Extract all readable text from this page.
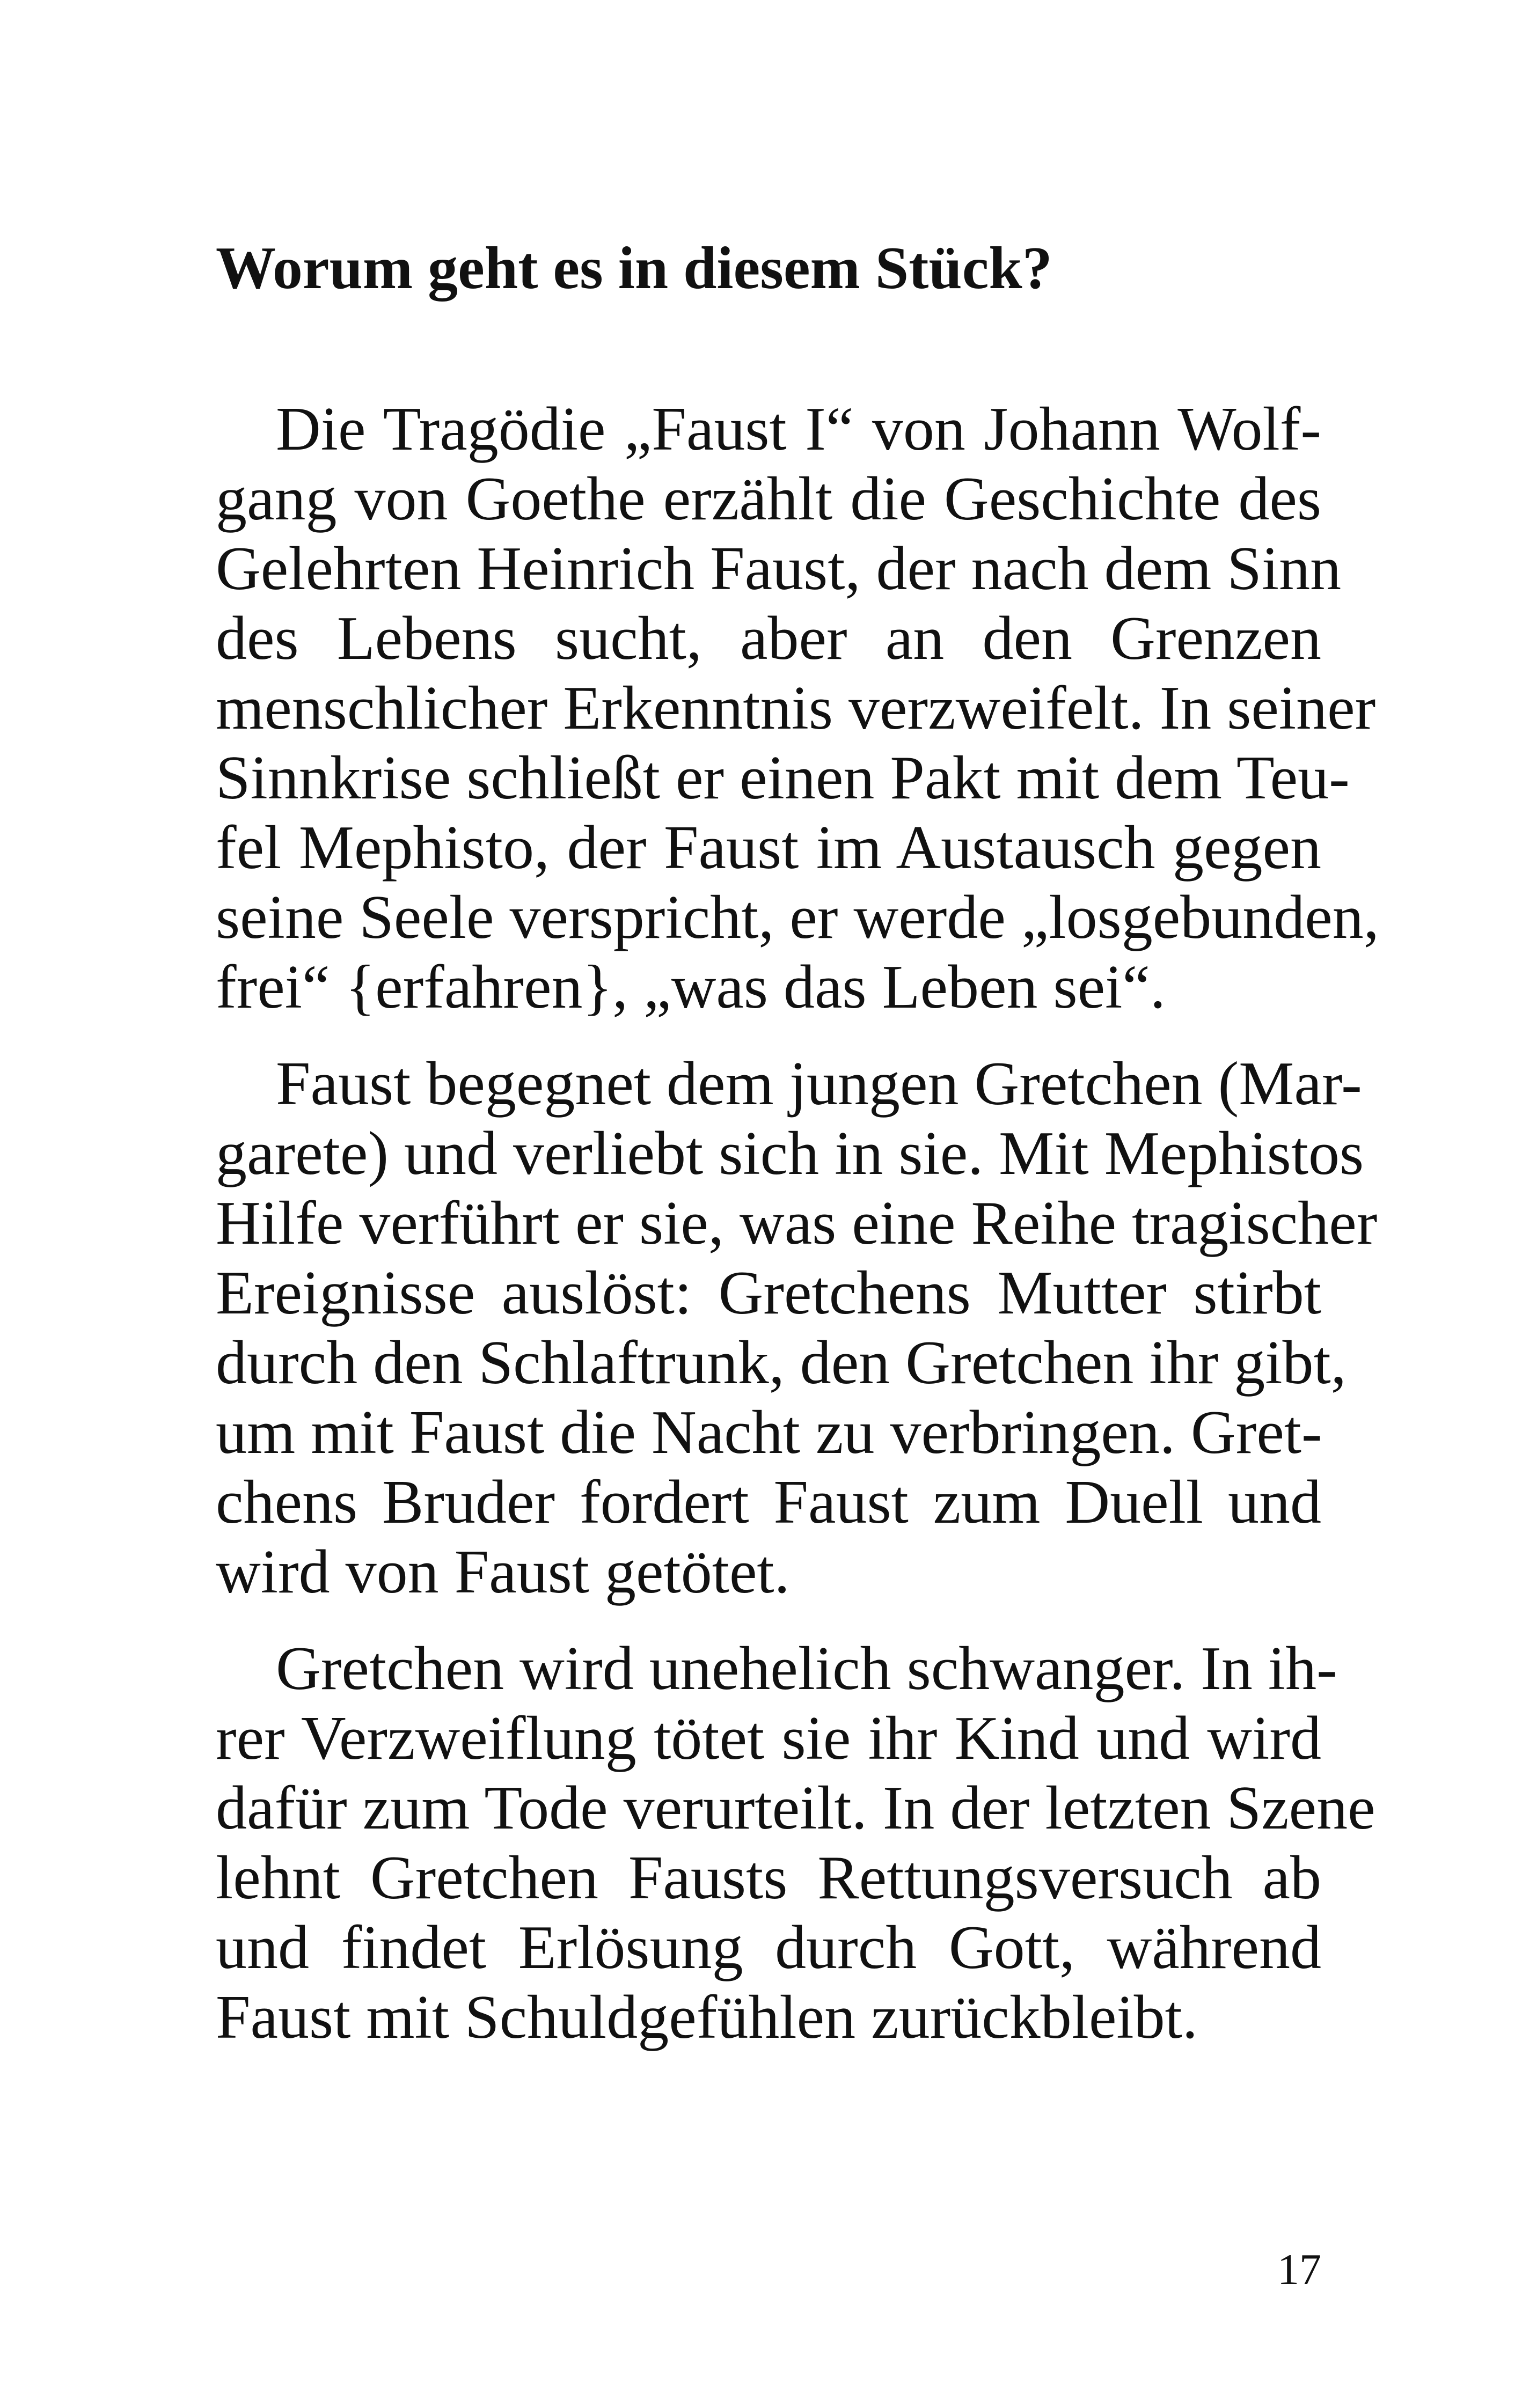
Worum geht es in diesem Stück?

Die Tragödie „Faust I“ von Johann Wolf-

gang von Goethe erzählt die Geschichte des

Gelehrten Heinrich Faust, der nach dem Sinn

des Lebens sucht, aber an den Grenzen

menschlicher Erkenntnis verzweifelt. In seiner

Sinnkrise schließt er einen Pakt mit dem Teu-

fel Mephisto, der Faust im Austausch gegen

seine Seele verspricht, er werde „losgebunden,

frei“ {erfahren}, „was das Leben sei“.

Faust begegnet dem jungen Gretchen (Mar-

garete) und verliebt sich in sie. Mit Mephistos

Hilfe verführt er sie, was eine Reihe tragischer

Ereignisse auslöst: Gretchens Mutter stirbt

durch den Schlaftrunk, den Gretchen ihr gibt,

um mit Faust die Nacht zu verbringen. Gret-

chens Bruder fordert Faust zum Duell und

wird von Faust getötet.

Gretchen wird unehelich schwanger. In ih-

rer Verzweiflung tötet sie ihr Kind und wird

dafür zum Tode verurteilt. In der letzten Szene

lehnt Gretchen Fausts Rettungsversuch ab

und findet Erlösung durch Gott, während

Faust mit Schuldgefühlen zurückbleibt.

17
